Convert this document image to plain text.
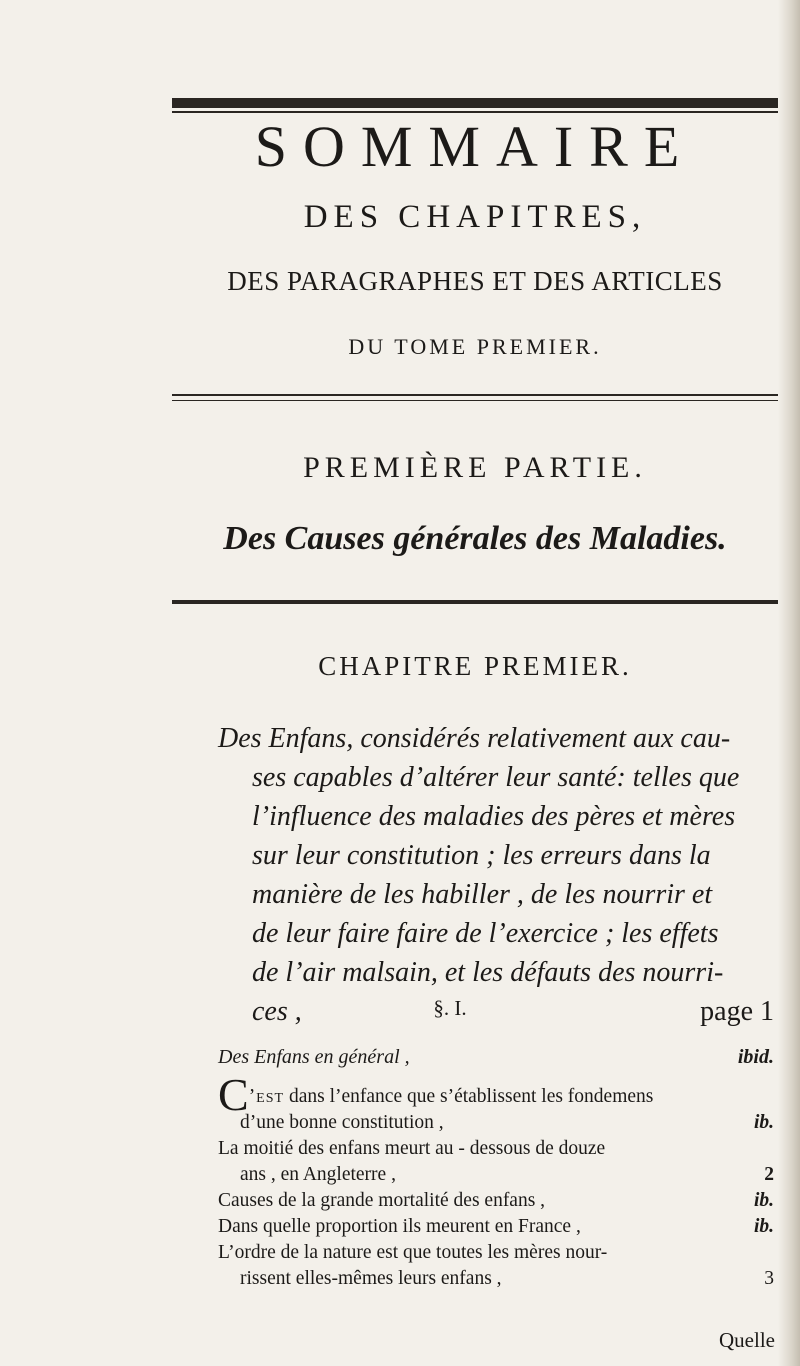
SOMMAIRE
DES CHAPITRES,
DES PARAGRAPHES ET DES ARTICLES
DU TOME PREMIER.
PREMIÈRE PARTIE.
Des Causes générales des Maladies.
CHAPITRE PREMIER.
Des Enfans, considérés relativement aux cau-
ses capables d’altérer leur santé: telles que
l’influence des maladies des pères et mères
sur leur constitution ; les erreurs dans la
manière de les habiller , de les nourrir et
de leur faire faire de l’exercice ; les effets
de l’air malsain, et les défauts des nourri-
ces ,	page 1
§. I.
Des Enfans en général ,	ibid.
C’est dans l’enfance que s’établissent les fondemens
d’une bonne constitution ,	ib.
La moitié des enfans meurt au - dessous de douze
ans , en Angleterre ,	2
Causes de la grande mortalité des enfans ,	ib.
Dans quelle proportion ils meurent en France ,	ib.
L’ordre de la nature est que toutes les mères nour-
rissent elles-mêmes leurs enfans ,	3
Quelle
